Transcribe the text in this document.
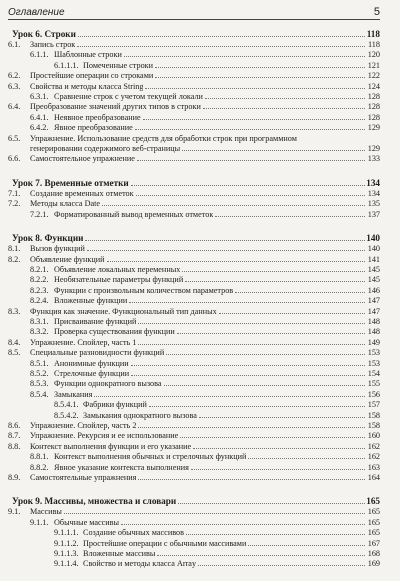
Оглавление	5
Урок 6. Строки	118
6.1.	Запись строк	118
6.1.1. Шаблонные строки	120
6.1.1.1. Помеченные строки	121
6.2.	Простейшие операции со строками	122
6.3.	Свойства и методы класса String	124
6.3.1. Сравнение строк с учетом текущей локали	128
6.4.	Преобразование значений других типов в строки	128
6.4.1. Неявное преобразование	128
6.4.2. Явное преобразование	129
6.5.	Упражнение. Использование средств для обработки строк при программном
генерировании содержимого веб-страницы	129
6.6.	Самостоятельное упражнение	133
Урок 7. Временные отметки	134
7.1.	Создание временных отметок	134
7.2.	Методы класса Date	135
7.2.1. Форматированный вывод временных отметок	137
Урок 8. Функции	140
8.1.	Вызов функций	140
8.2.	Объявление функций	141
8.2.1. Объявление локальных переменных	145
8.2.2. Необязательные параметры функций	145
8.2.3. Функции с произвольным количеством параметров	146
8.2.4. Вложенные функции	147
8.3.	Функция как значение. Функциональный тип данных	147
8.3.1. Присваивание функций	148
8.3.2. Проверка существования функции	148
8.4.	Упражнение. Спойлер, часть 1	149
8.5.	Специальные разновидности функций	153
8.5.1. Анонимные функции	153
8.5.2. Стрелочные функции	154
8.5.3. Функции однократного вызова	155
8.5.4. Замыкания	156
8.5.4.1. Фабрики функций	157
8.5.4.2. Замыкания однократного вызова	158
8.6.	Упражнение. Спойлер, часть 2	158
8.7.	Упражнение. Рекурсия и ее использование	160
8.8.	Контекст выполнения функции и его указание	162
8.8.1. Контекст выполнения обычных и стрелочных функций	162
8.8.2. Явное указание контекста выполнения	163
8.9.	Самостоятельные упражнения	164
Урок 9. Массивы, множества и словари	165
9.1.	Массивы	165
9.1.1. Обычные массивы	165
9.1.1.1. Создание обычных массивов	165
9.1.1.2. Простейшие операции с обычными массивами	167
9.1.1.3. Вложенные массивы	168
9.1.1.4. Свойство и методы класса Array	169
